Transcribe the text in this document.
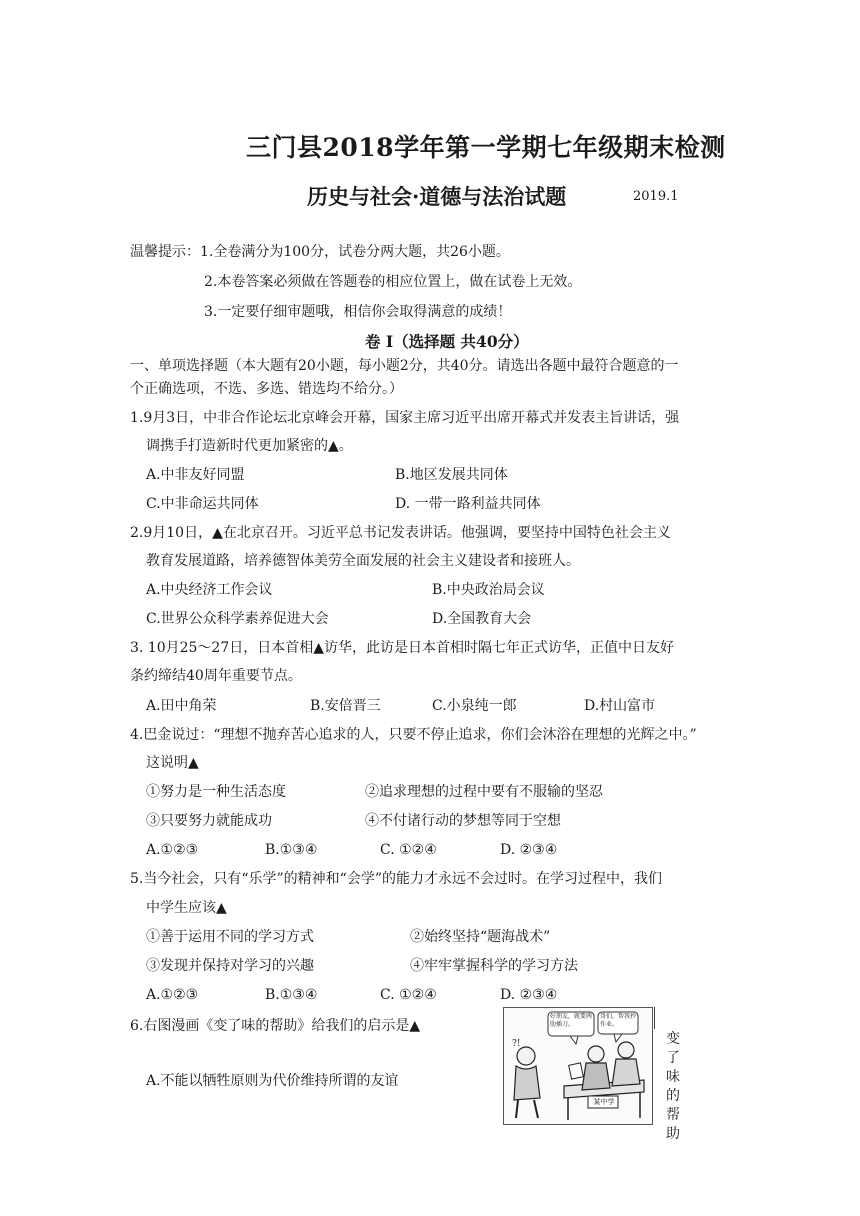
三门县2018学年第一学期七年级期末检测
历史与社会·道德与法治试题	2019.1
温馨提示： 1.全卷满分为100分，试卷分两大题，共26小题。
2.本卷答案必须做在答题卷的相应位置上，做在试卷上无效。
3.一定要仔细审题哦，相信你会取得满意的成绩！
卷 Ⅰ（选择题 共40分）
一、单项选择题（本大题有20小题，每小题2分，共40分。请选出各题中最符合题意的一
个正确选项，不选、多选、错选均不给分。）
1.9月3日，中非合作论坛北京峰会开幕，国家主席习近平出席开幕式并发表主旨讲话，强
调携手打造新时代更加紧密的▲。
A.中非友好同盟	B.地区发展共同体
C.中非命运共同体	D. 一带一路利益共同体
2.9月10日，▲在北京召开。习近平总书记发表讲话。他强调，要坚持中国特色社会主义
教育发展道路，培养德智体美劳全面发展的社会主义建设者和接班人。
A.中央经济工作会议	B.中央政治局会议
C.世界公众科学素养促进大会	D.全国教育大会
3. 10月25～27日，日本首相▲访华，此访是日本首相时隔七年正式访华，正值中日友好
条约缔结40周年重要节点。
A.田中角荣	B.安倍晋三	C.小泉纯一郎	D.村山富市
4.巴金说过：“理想不抛弃苦心追求的人，只要不停止追求，你们会沐浴在理想的光辉之中。”
这说明▲
①努力是一种生活态度	②追求理想的过程中要有不服输的坚忍
③只要努力就能成功	④不付诸行动的梦想等同于空想
A.①②③	B.①③④	C. ①②④	D. ②③④
5.当今社会，只有“乐学”的精神和“会学”的能力才永远不会过时。在学习过程中，我们
中学生应该▲
①善于运用不同的学习方式	②始终坚持“题海战术”
③发现并保持对学习的兴趣	④牢牢掌握科学的学习方法
A.①②③	B.①③④	C. ①②④	D. ②③④
6.右图漫画《变了味的帮助》给我们的启示是▲
A.不能以牺牲原则为代价维持所谓的友谊
好朋友，就要两肋插刀。
哥们，帮我抄作业。
?!
某中学
变了味的帮助
